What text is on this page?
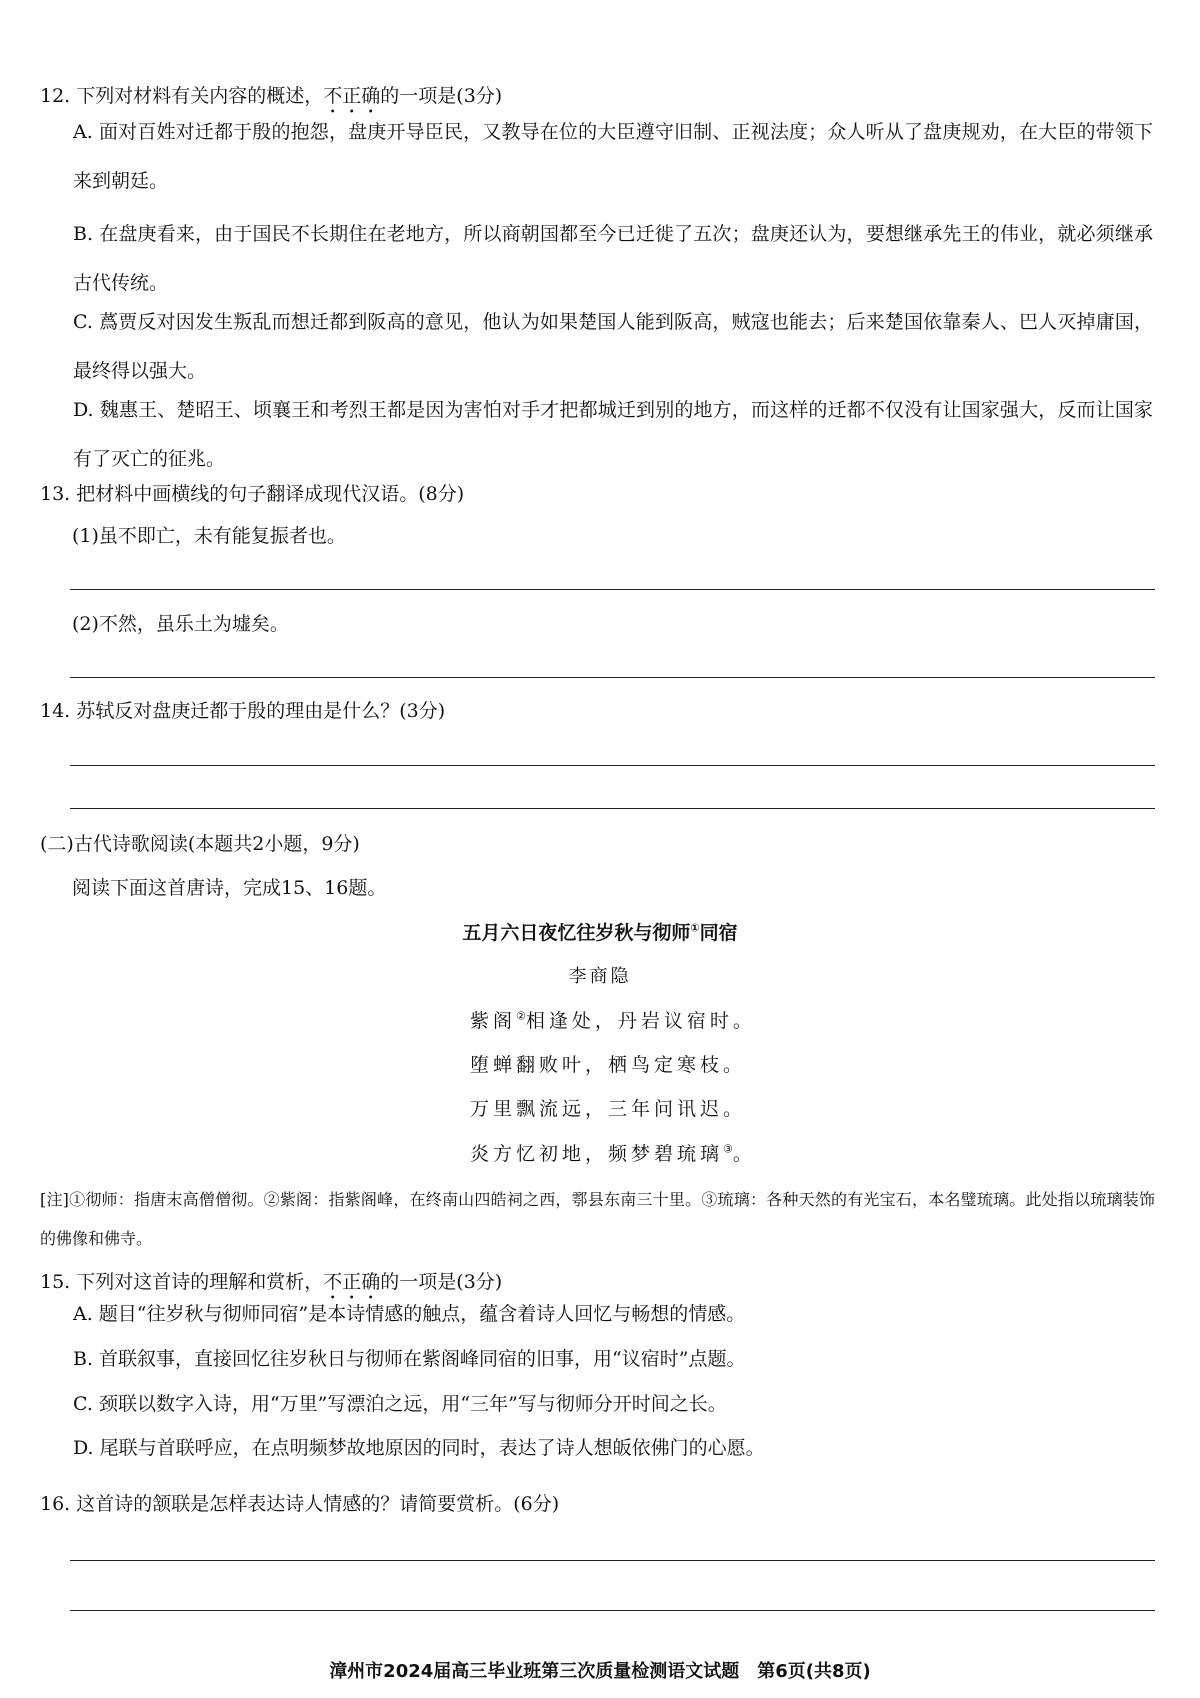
12. 下列对材料有关内容的概述，不正确的一项是(3分)
A. 面对百姓对迁都于殷的抱怨，盘庚开导臣民，又教导在位的大臣遵守旧制、正视法度；众人听从了盘庚规劝，在大臣的带领下来到朝廷。
B. 在盘庚看来，由于国民不长期住在老地方，所以商朝国都至今已迁徙了五次；盘庚还认为，要想继承先王的伟业，就必须继承古代传统。
C. 蔿贾反对因发生叛乱而想迁都到阪高的意见，他认为如果楚国人能到阪高，贼寇也能去；后来楚国依靠秦人、巴人灭掉庸国，最终得以强大。
D. 魏惠王、楚昭王、顷襄王和考烈王都是因为害怕对手才把都城迁到别的地方，而这样的迁都不仅没有让国家强大，反而让国家有了灭亡的征兆。
13. 把材料中画横线的句子翻译成现代汉语。(8分)
(1)虽不即亡，未有能复振者也。
(2)不然，虽乐土为墟矣。
14. 苏轼反对盘庚迁都于殷的理由是什么？(3分)
(二)古代诗歌阅读(本题共2小题，9分)
阅读下面这首唐诗，完成15、16题。
五月六日夜忆往岁秋与彻师①同宿
李商隐
紫阁②相逢处，丹岩议宿时。
堕蝉翻败叶，栖鸟定寒枝。
万里飘流远，三年问讯迟。
炎方忆初地，频梦碧琉璃③。
[注]①彻师：指唐末高僧僧彻。②紫阁：指紫阁峰，在终南山四皓祠之西，鄠县东南三十里。③琉璃：各种天然的有光宝石，本名璧琉璃。此处指以琉璃装饰的佛像和佛寺。
15. 下列对这首诗的理解和赏析，不正确的一项是(3分)
A. 题目“往岁秋与彻师同宿”是本诗情感的触点，蕴含着诗人回忆与畅想的情感。
B. 首联叙事，直接回忆往岁秋日与彻师在紫阁峰同宿的旧事，用“议宿时”点题。
C. 颈联以数字入诗，用“万里”写漂泊之远，用“三年”写与彻师分开时间之长。
D. 尾联与首联呼应，在点明频梦故地原因的同时，表达了诗人想皈依佛门的心愿。
16. 这首诗的颔联是怎样表达诗人情感的？请简要赏析。(6分)
漳州市2024届高三毕业班第三次质量检测语文试题　第6页(共8页)
